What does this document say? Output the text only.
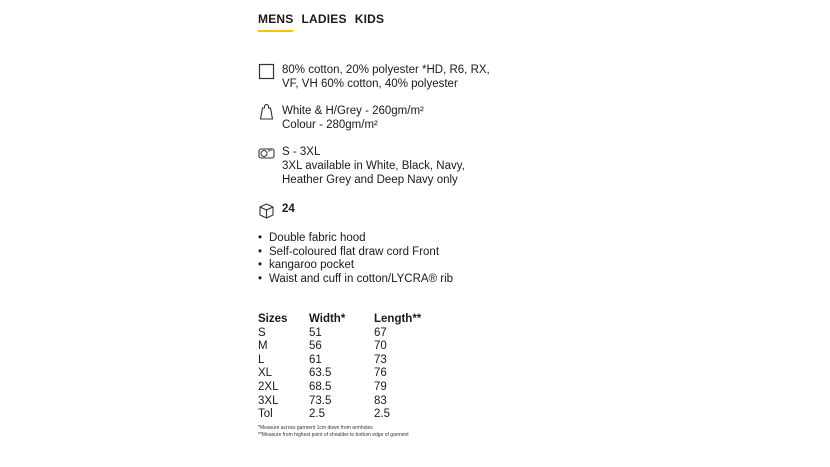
MENS LADIES KIDS
80% cotton, 20% polyester *HD, R6, RX,
VF, VH 60% cotton, 40% polyester
White & H/Grey - 260gm/m²
Colour - 280gm/m²
S - 3XL
3XL available in White, Black, Navy,
Heather Grey and Deep Navy only
24
• Double fabric hood
• Self-coloured flat draw cord Front
• kangaroo pocket
• Waist and cuff in cotton/LYCRA® rib
Sizes	Width*	Length**
S	51	67
M	56	70
L	61	73
XL	63.5	76
2XL	68.5	79
3XL	73.5	83
Tol	2.5	2.5
*Measure across garment 1cm down from armholes
**Measure from highest point of shoulder to bottom edge of garment
